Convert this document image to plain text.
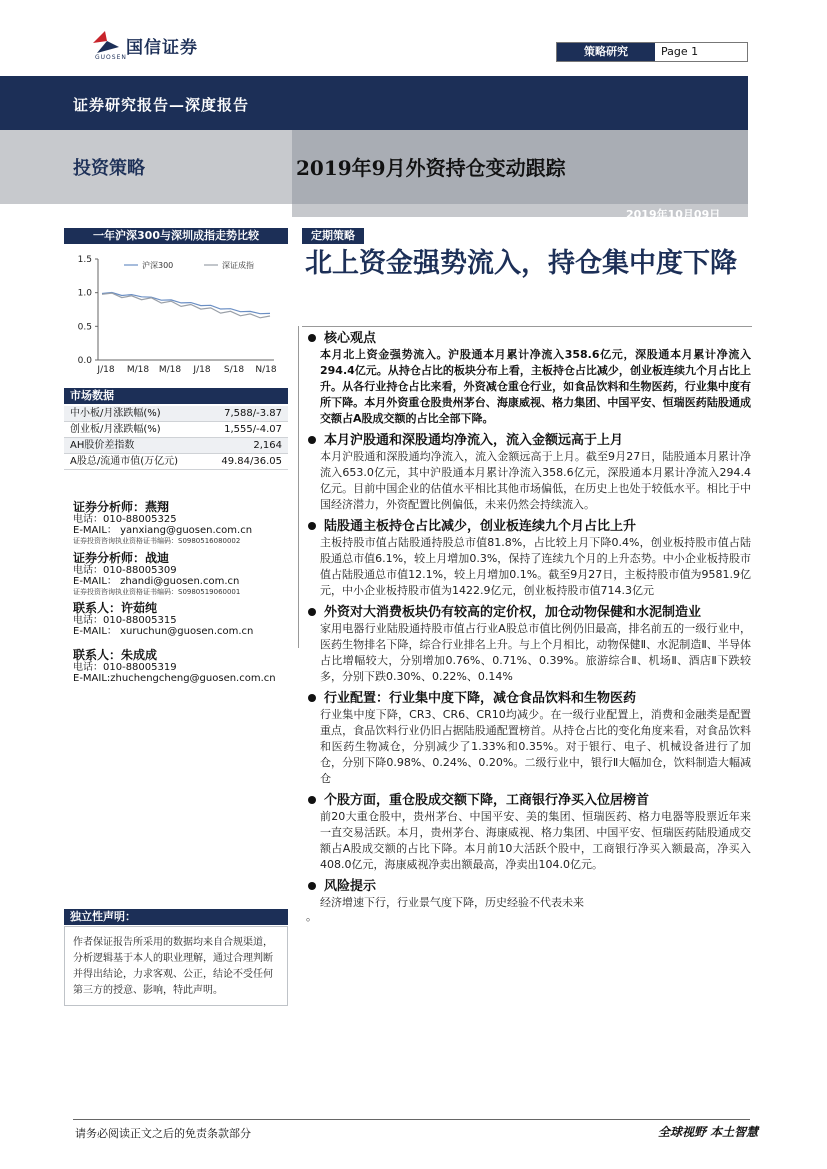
国信证券
GUOSEN	策略研究	Page 1
证券研究报告—深度报告
投资策略	2019年9月外资持仓变动跟踪
2019年10月09日
一年沪深300与深圳成指走势比较
0.0
0.5
1.0
1.5
J/18 M/18 M/18 J/18 S/18 N/18
沪深300	深证成指
市场数据
中小板/月涨跌幅(%)	7,588/-3.87
创业板/月涨跌幅(%)	1,555/-4.07
AH股价差指数	2,164
A股总/流通市值(万亿元)	49.84/36.05
证券分析师：燕翔
电话：010-88005325
E-MAIL： yanxiang@guosen.com.cn
证券投资咨询执业资格证书编码：S0980516080002
证券分析师：战迪
电话：010-88005309
E-MAIL： zhandi@guosen.com.cn
证券投资咨询执业资格证书编码：S0980519060001
联系人：许茹纯
电话：010-88005315
E-MAIL： xuruchun@guosen.com.cn
联系人：朱成成
电话：010-88005319
E-MAIL:zhuchengcheng@guosen.com.cn
独立性声明：
作者保证报告所采用的数据均来自合规渠道，分析逻辑基于本人的职业理解，通过合理判断并得出结论，力求客观、公正，结论不受任何第三方的授意、影响，特此声明。
定期策略
北上资金强势流入，持仓集中度下降
核心观点
本月北上资金强势流入。沪股通本月累计净流入358.6亿元，深股通本月累计净流入294.4亿元。从持仓占比的板块分布上看，主板持仓占比减少，创业板连续九个月占比上升。从各行业持仓占比来看，外资减仓重仓行业，如食品饮料和生物医药，行业集中度有所下降。本月外资重仓股贵州茅台、海康威视、格力集团、中国平安、恒瑞医药陆股通成交额占A股成交额的占比全部下降。
本月沪股通和深股通均净流入，流入金额远高于上月
本月沪股通和深股通均净流入，流入金额远高于上月。截至9月27日，陆股通本月累计净流入653.0亿元，其中沪股通本月累计净流入358.6亿元，深股通本月累计净流入294.4亿元。目前中国企业的估值水平相比其他市场偏低，在历史上也处于较低水平。相比于中国经济潜力，外资配置比例偏低，未来仍然会持续流入。
陆股通主板持仓占比减少，创业板连续九个月占比上升
主板持股市值占陆股通持股总市值81.8%，占比较上月下降0.4%，创业板持股市值占陆股通总市值6.1%，较上月增加0.3%，保持了连续九个月的上升态势。中小企业板持股市值占陆股通总市值12.1%，较上月增加0.1%。截至9月27日，主板持股市值为9581.9亿元，中小企业板持股市值为1422.9亿元，创业板持股市值714.3亿元
外资对大消费板块仍有较高的定价权，加仓动物保健和水泥制造业
家用电器行业陆股通持股市值占行业A股总市值比例仍旧最高，排名前五的一级行业中，医药生物排名下降，综合行业排名上升。与上个月相比，动物保健Ⅱ、水泥制造Ⅱ、半导体占比增幅较大，分别增加0.76%、0.71%、0.39%。旅游综合Ⅱ、机场Ⅱ、酒店Ⅱ下跌较多，分别下跌0.30%、0.22%、0.14%
行业配置：行业集中度下降，减仓食品饮料和生物医药
行业集中度下降，CR3、CR6、CR10均减少。在一级行业配置上，消费和金融类是配置重点，食品饮料行业仍旧占据陆股通配置榜首。从持仓占比的变化角度来看，对食品饮料和医药生物减仓，分别减少了1.33%和0.35%。对于银行、电子、机械设备进行了加仓，分别下降0.98%、0.24%、0.20%。二级行业中，银行Ⅱ大幅加仓，饮料制造大幅减仓
个股方面，重仓股成交额下降，工商银行净买入位居榜首
前20大重仓股中，贵州茅台、中国平安、美的集团、恒瑞医药、格力电器等股票近年来一直交易活跃。本月，贵州茅台、海康威视、格力集团、中国平安、恒瑞医药陆股通成交额占A股成交额的占比下降。本月前10大活跃个股中，工商银行净买入额最高，净买入408.0亿元，海康威视净卖出额最高，净卖出104.0亿元。
风险提示
经济增速下行，行业景气度下降，历史经验不代表未来
。
请务必阅读正文之后的免责条款部分	全球视野 本土智慧
